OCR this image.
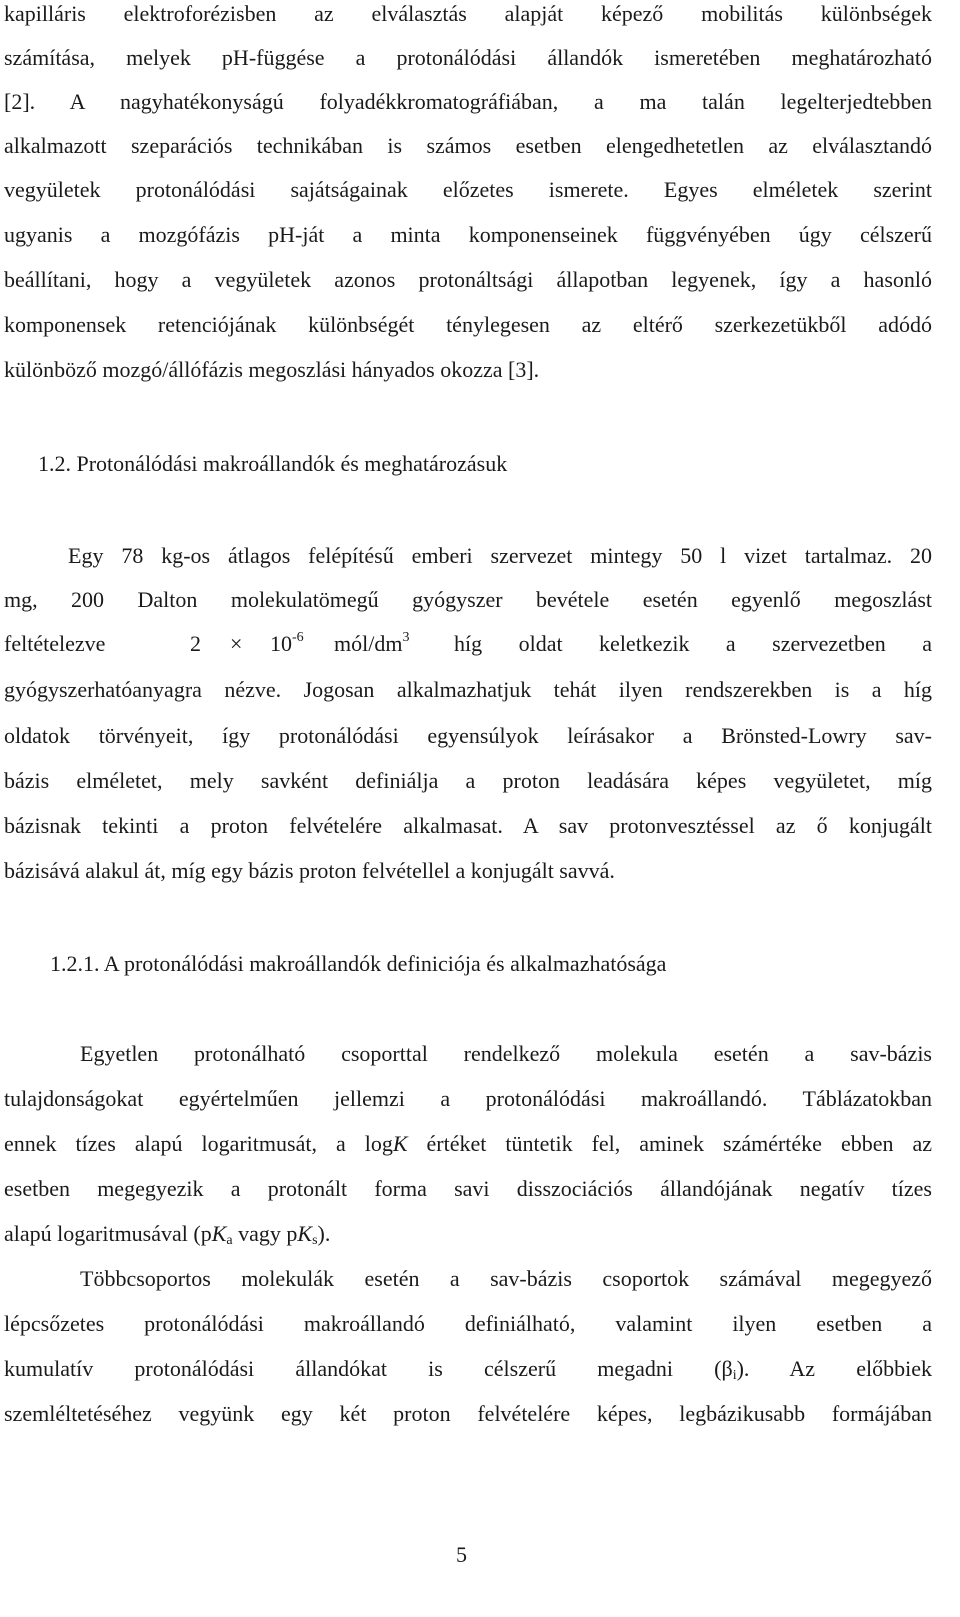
kapilláris elektroforézisben az elválasztás alapját képező mobilitás különbségek
számítása, melyek pH-függése a protonálódási állandók ismeretében meghatározható
[2]. A nagyhatékonyságú folyadékkromatográfiában, a ma talán legelterjedtebben
alkalmazott szeparációs technikában is számos esetben elengedhetetlen az elválasztandó
vegyületek protonálódási sajátságainak előzetes ismerete. Egyes elméletek szerint
ugyanis a mozgófázis pH-ját a minta komponenseinek függvényében úgy célszerű
beállítani, hogy a vegyületek azonos protonáltsági állapotban legyenek, így a hasonló
komponensek retenciójának különbségét ténylegesen az eltérő szerkezetükből adódó
különböző mozgó/állófázis megoszlási hányados okozza [3].
1.2. Protonálódási makroállandók és meghatározásuk
Egy 78 kg-os átlagos felépítésű emberi szervezet mintegy 50 l vizet tartalmaz. 20
mg, 200 Dalton molekulatömegű gyógyszer bevétele esetén egyenlő megoszlást
feltételezve	$2 \times 10^{-6}$ mól/$dm^3$ híg oldat keletkezik a szervezetben a
gyógyszerhatóanyagra nézve. Jogosan alkalmazhatjuk tehát ilyen rendszerekben is a híg
oldatok törvényeit, így protonálódási egyensúlyok leírásakor a Brönsted-Lowry sav-
bázis elméletet, mely savként definiálja a proton leadására képes vegyületet, míg
bázisnak tekinti a proton felvételére alkalmasat. A sav protonvesztéssel az ő konjugált
bázisává alakul át, míg egy bázis proton felvétellel a konjugált savvá.
1.2.1. A protonálódási makroállandók definiciója és alkalmazhatósága
Egyetlen protonálható csoporttal rendelkező molekula esetén a sav-bázis
tulajdonságokat egyértelműen jellemzi a protonálódási makroállandó. Táblázatokban
ennek tízes alapú logaritmusát, a logK értéket tüntetik fel, aminek számértéke ebben az
esetben megegyezik a protonált forma savi disszociációs állandójának negatív tízes
alapú logaritmusával ($pK_a$ vagy $pK_s$).
Többcsoportos molekulák esetén a sav-bázis csoportok számával megegyező
lépcsőzetes protonálódási makroállandó definiálható, valamint ilyen esetben a
kumulatív protonálódási állandókat is célszerű megadni $(\beta_i)$. Az előbbiek
szemléltetéséhez vegyünk egy két proton felvételére képes, legbázikusabb formájában
5
